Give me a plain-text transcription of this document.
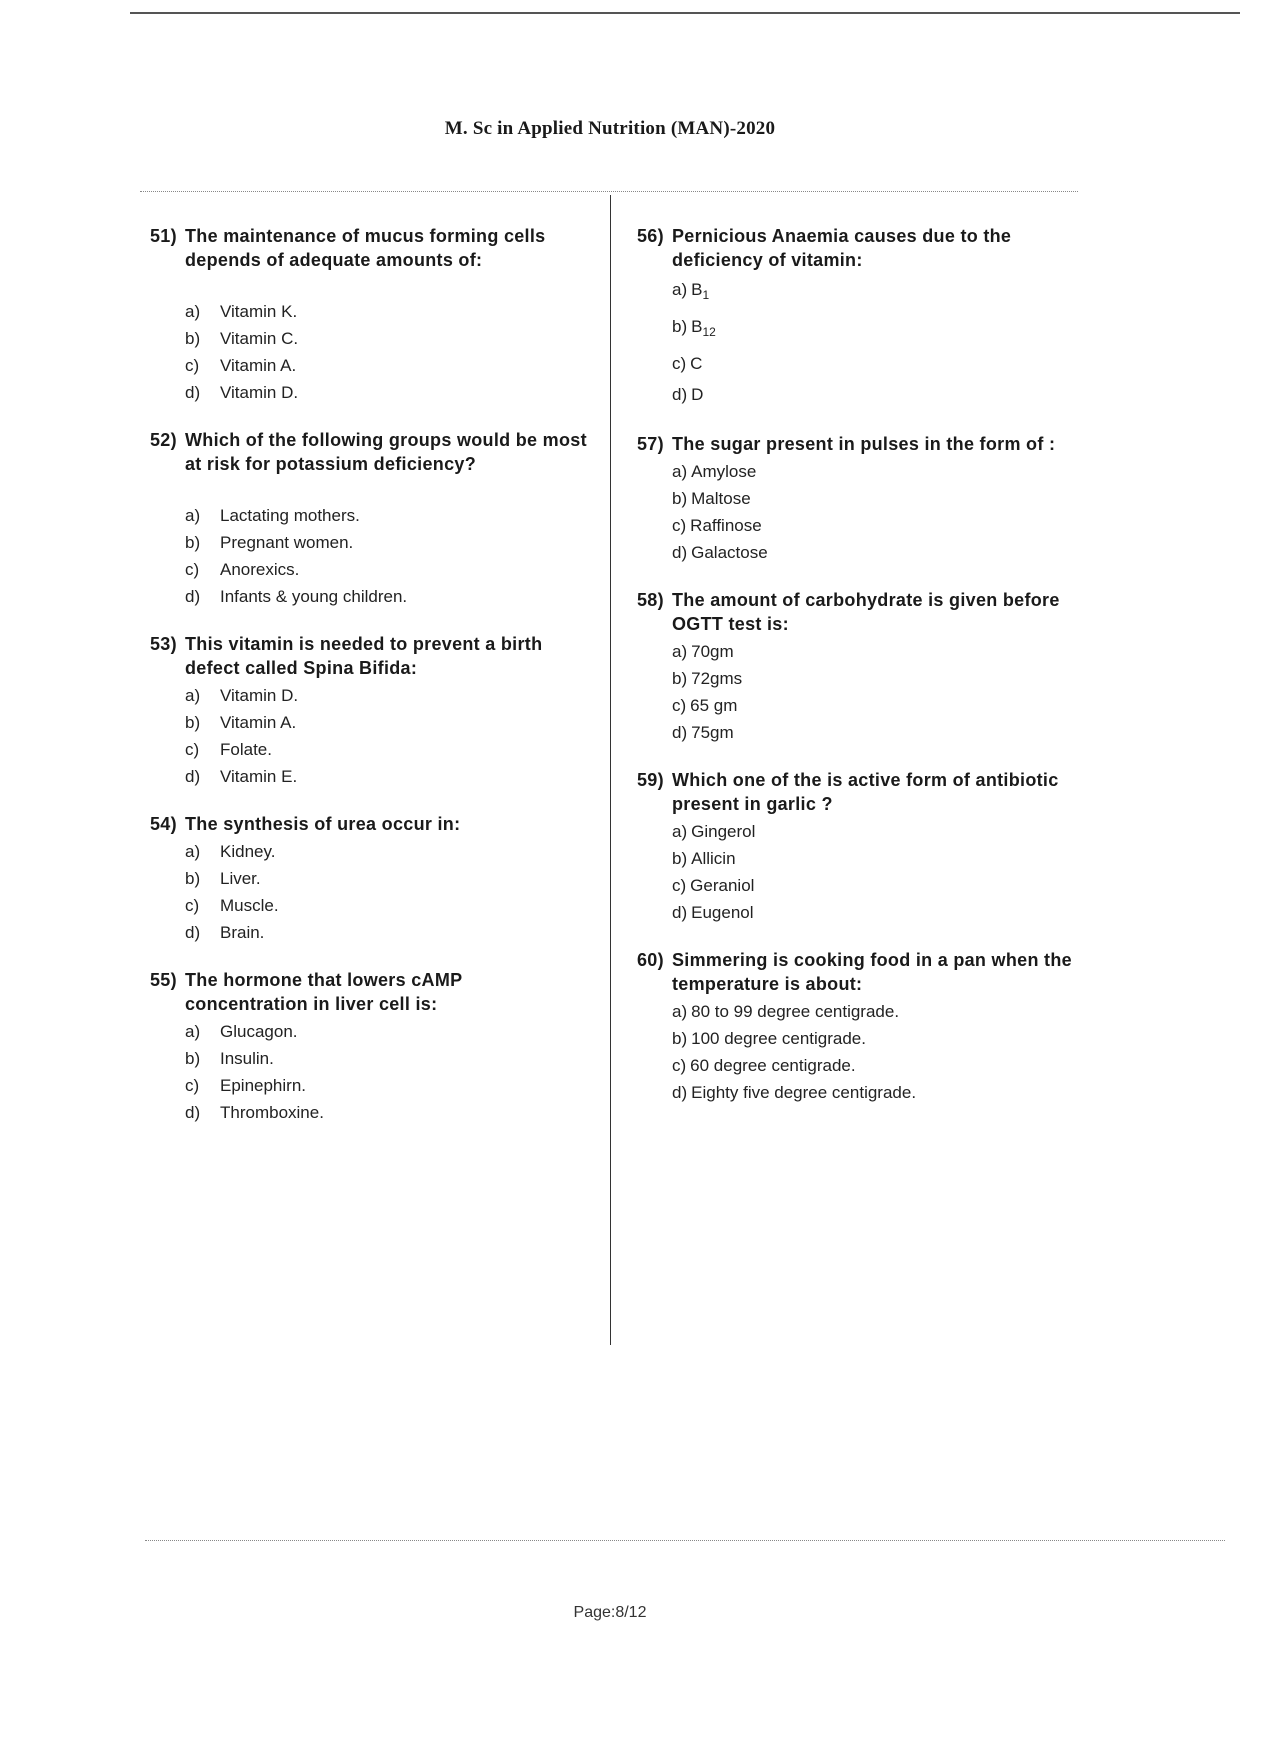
M. Sc in Applied Nutrition (MAN)-2020
51) The maintenance of mucus forming cells depends of adequate amounts of:
a) Vitamin K.
b) Vitamin C.
c) Vitamin A.
d) Vitamin D.
52) Which of the following groups would be most at risk for potassium deficiency?
a) Lactating mothers.
b) Pregnant women.
c) Anorexics.
d) Infants & young children.
53) This vitamin is needed to prevent a birth defect called Spina Bifida:
a) Vitamin D.
b) Vitamin A.
c) Folate.
d) Vitamin E.
54) The synthesis of urea occur in:
a) Kidney.
b) Liver.
c) Muscle.
d) Brain.
55) The hormone that lowers cAMP concentration in liver cell is:
a) Glucagon.
b) Insulin.
c) Epinephirn.
d) Thromboxine.
56) Pernicious Anaemia causes due to the deficiency of vitamin:
a) $B_1$
b) $B_{12}$
c) C
d) D
57) The sugar present in pulses in the form of :
a) Amylose
b) Maltose
c) Raffinose
d) Galactose
58) The amount of carbohydrate is given before OGTT test is:
a) 70gm
b) 72gms
c) 65 gm
d) 75gm
59) Which one of the is active form of antibiotic present in garlic ?
a) Gingerol
b) Allicin
c) Geraniol
d) Eugenol
60) Simmering is cooking food in a pan when the temperature is about:
a) 80 to 99 degree centigrade.
b) 100 degree centigrade.
c) 60 degree centigrade.
d) Eighty five degree centigrade.
Page:8/12
